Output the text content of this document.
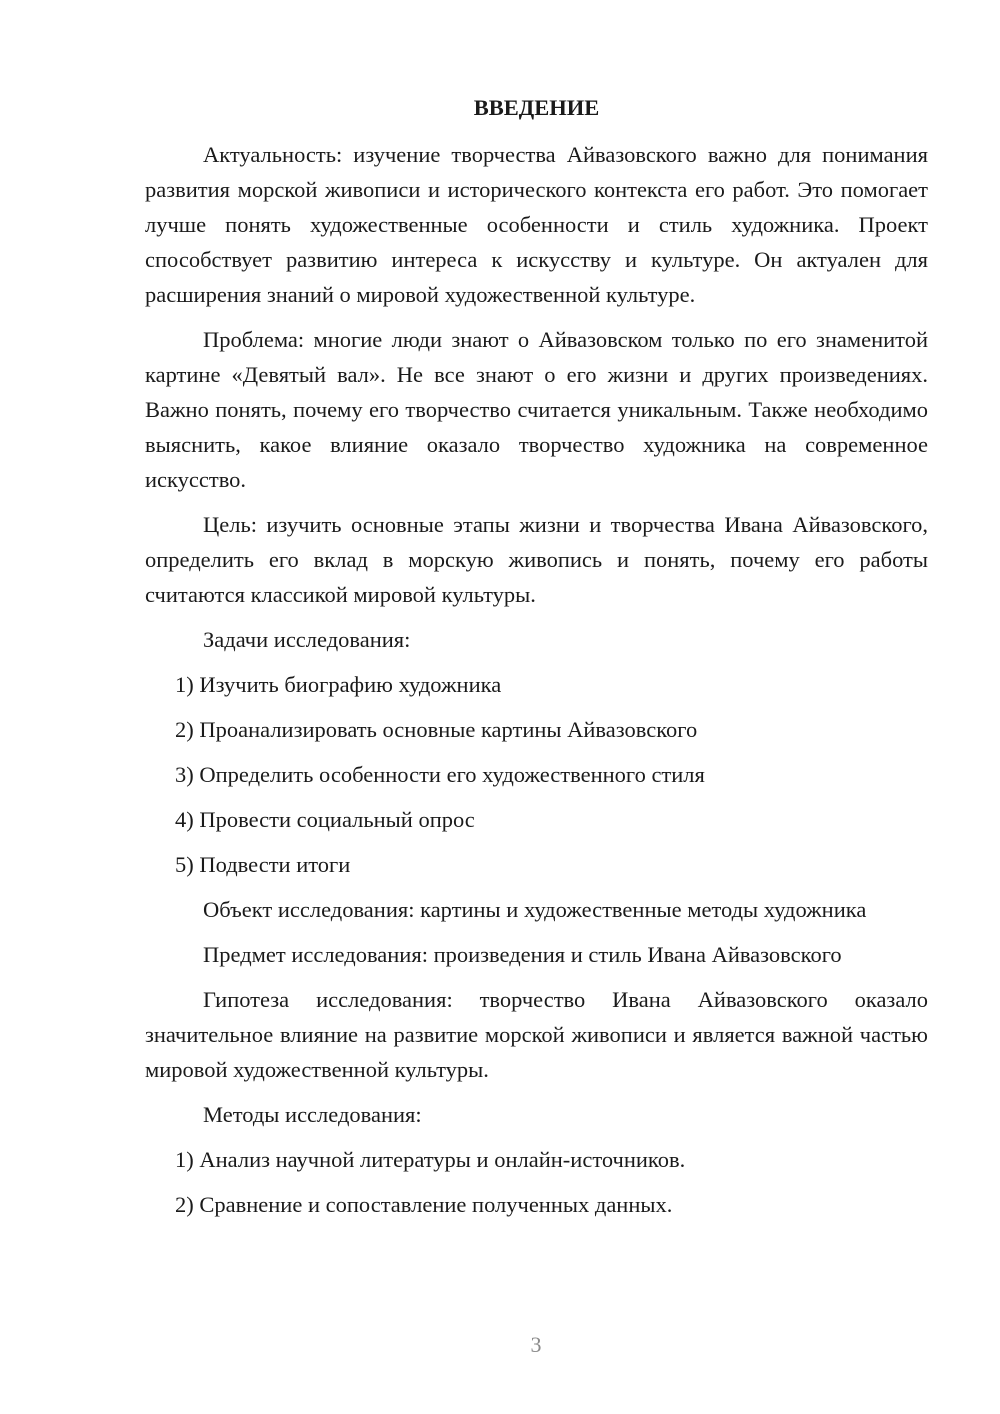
ВВЕДЕНИЕ

Актуальность: изучение творчества Айвазовского важно для понимания развития морской живописи и исторического контекста его работ. Это помогает лучше понять художественные особенности и стиль художника. Проект способствует развитию интереса к искусству и культуре. Он актуален для расширения знаний о мировой художественной культуре.

Проблема: многие люди знают о Айвазовском только по его знаменитой картине «Девятый вал». Не все знают о его жизни и других произведениях. Важно понять, почему его творчество считается уникальным. Также необходимо выяснить, какое влияние оказало творчество художника на современное искусство.

Цель: изучить основные этапы жизни и творчества Ивана Айвазовского, определить его вклад в морскую живопись и понять, почему его работы считаются классикой мировой культуры.

Задачи исследования:

1) Изучить биографию художника

2) Проанализировать основные картины Айвазовского

3) Определить особенности его художественного стиля

4) Провести социальный опрос

5) Подвести итоги

Объект исследования: картины и художественные методы художника

Предмет исследования: произведения и стиль Ивана Айвазовского

Гипотеза исследования: творчество Ивана Айвазовского оказало значительное влияние на развитие морской живописи и является важной частью мировой художественной культуры.

Методы исследования:

1) Анализ научной литературы и онлайн-источников.

2) Сравнение и сопоставление полученных данных.

3
